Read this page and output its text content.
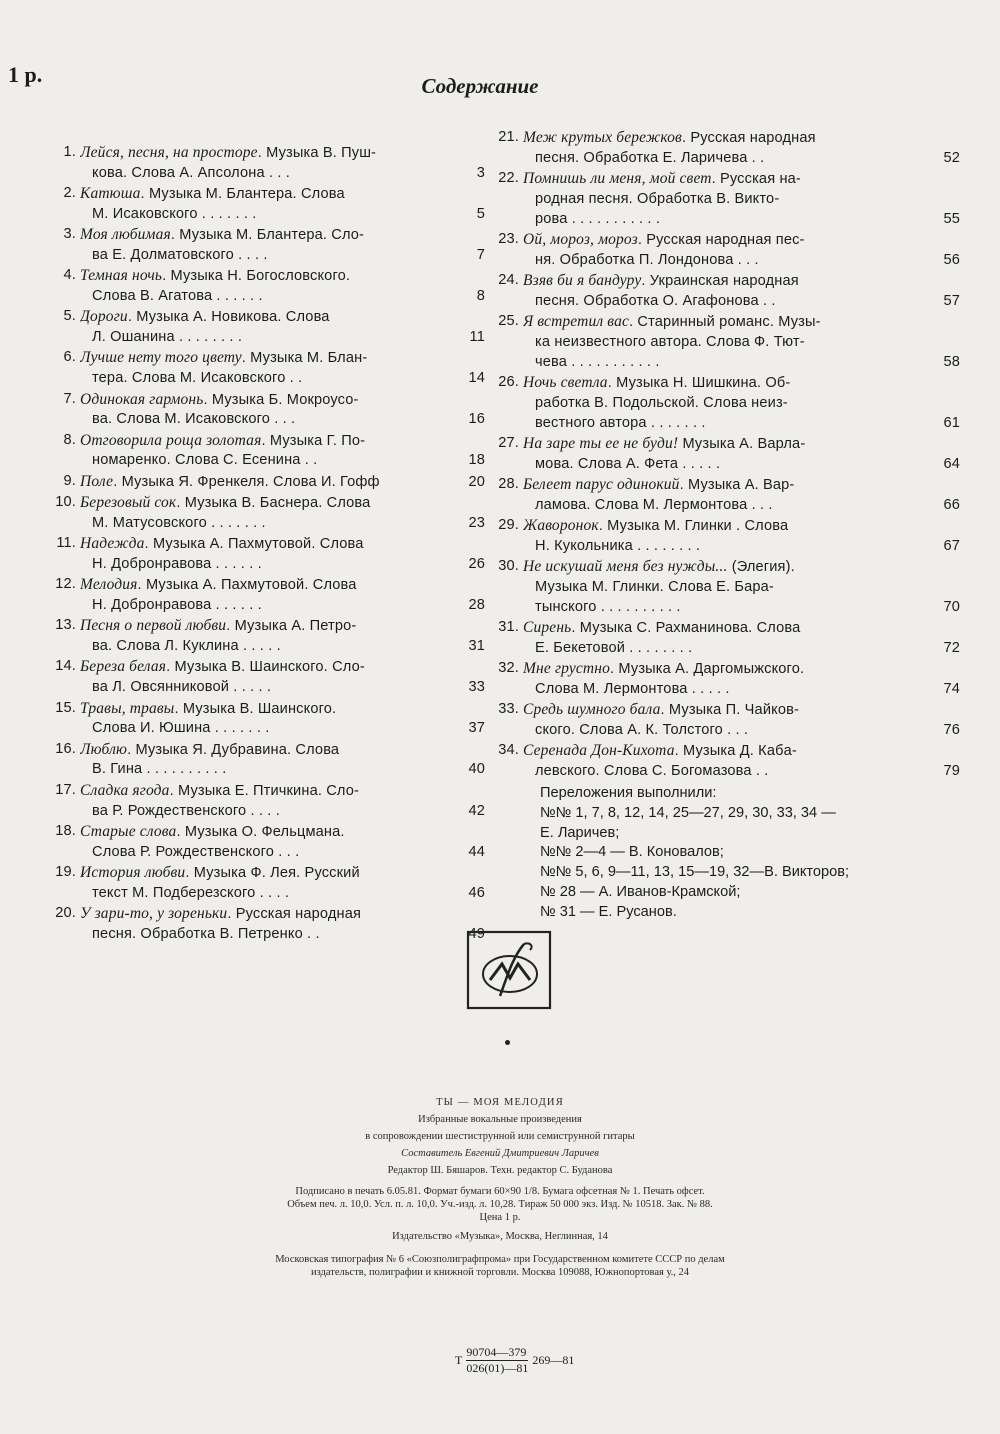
1 р.	Содержание
1. Лейся, песня, на просторе. Музыка В. Пуш-
кова. Слова А. Апсолона . . .	3
2. Катюша. Музыка М. Блантера. Слова
М. Исаковского . . . . . . .	5
3. Моя любимая. Музыка М. Блантера. Сло-
ва Е. Долматовского . . . .	7
4. Темная ночь. Музыка Н. Богословского.
Слова В. Агатова . . . . . .	8
5. Дороги. Музыка А. Новикова. Слова
Л. Ошанина . . . . . . . .	11
6. Лучше нету того цвету. Музыка М. Блан-
тера. Слова М. Исаковского . .	14
7. Одинокая гармонь. Музыка Б. Мокроусо-
ва. Слова М. Исаковского . . .	16
8. Отговорила роща золотая. Музыка Г. По-
номаренко. Слова С. Есенина . .	18
9. Поле. Музыка Я. Френкеля. Слова И. Гофф	20
10. Березовый сок. Музыка В. Баснера. Слова
М. Матусовского . . . . . . .	23
11. Надежда. Музыка А. Пахмутовой. Слова
Н. Добронравова . . . . . .	26
12. Мелодия. Музыка А. Пахмутовой. Слова
Н. Добронравова . . . . . .	28
13. Песня о первой любви. Музыка А. Петро-
ва. Слова Л. Куклина . . . . .	31
14. Береза белая. Музыка В. Шаинского. Сло-
ва Л. Овсянниковой . . . . .	33
15. Травы, травы. Музыка В. Шаинского.
Слова И. Юшина . . . . . . .	37
16. Люблю. Музыка Я. Дубравина. Слова
В. Гина . . . . . . . . . .	40
17. Сладка ягода. Музыка Е. Птичкина. Сло-
ва Р. Рождественского . . . .	42
18. Старые слова. Музыка О. Фельцмана.
Слова Р. Рождественского . . .	44
19. История любви. Музыка Ф. Лея. Русский
текст М. Подберезского . . . .	46
20. У зари-то, у зореньки. Русская народная
песня. Обработка В. Петренко . .	49
21. Меж крутых бережков. Русская народная
песня. Обработка Е. Ларичева . .	52
22. Помнишь ли меня, мой свет. Русская на-
родная песня. Обработка В. Викто-
рова . . . . . . . . . . .	55
23. Ой, мороз, мороз. Русская народная пес-
ня. Обработка П. Лондонова . . .	56
24. Взяв би я бандуру. Украинская народная
песня. Обработка О. Агафонова . .	57
25. Я встретил вас. Старинный романс. Музы-
ка неизвестного автора. Слова Ф. Тют-
чева . . . . . . . . . . .	58
26. Ночь светла. Музыка Н. Шишкина. Об-
работка В. Подольской. Слова неиз-
вестного автора . . . . . . .	61
27. На заре ты ее не буди! Музыка А. Варла-
мова. Слова А. Фета . . . . .	64
28. Белеет парус одинокий. Музыка А. Вар-
ламова. Слова М. Лермонтова . . .	66
29. Жаворонок. Музыка М. Глинки . Слова
Н. Кукольника . . . . . . . .	67
30. Не искушай меня без нужды... (Элегия).
Музыка М. Глинки. Слова Е. Бара-
тынского . . . . . . . . . .	70
31. Сирень. Музыка С. Рахманинова. Слова
Е. Бекетовой . . . . . . . .	72
32. Мне грустно. Музыка А. Даргомыжского.
Слова М. Лермонтова . . . . .	74
33. Средь шумного бала. Музыка П. Чайков-
ского. Слова А. К. Толстого . . .	76
34. Серенада Дон-Кихота. Музыка Д. Кабa-
левского. Слова С. Богомазова . .	79
Переложения выполнили:
№№ 1, 7, 8, 12, 14, 25—27, 29, 30, 33, 34 —
Е. Ларичев;
№№ 2—4 — В. Коновалов;
№№ 5, 6, 9—11, 13, 15—19, 32—В. Викторов;
№ 28 — А. Иванов-Крамской;
№ 31 — Е. Русанов.
ТЫ — МОЯ МЕЛОДИЯ
Избранные вокальные произведения
в сопровождении шестиструнной или семиструнной гитары
Составитель Евгений Дмитриевич Ларичев
Редактор Ш. Бяшаров. Техн. редактор С. Буданова
Подписано в печать 6.05.81. Формат бумаги 60×90 1/8. Бумага офсетная № 1. Печать офсет.
Объем печ. л. 10,0. Усл. п. л. 10,0. Уч.-изд. л. 10,28. Тираж 50 000 экз. Изд. № 10518. Зак. № 88.
Цена 1 р.
Издательство «Музыка», Москва, Неглинная, 14
Московская типография № 6 «Союзполиграфпрома» при Государственном комитете СССР по делам
издательств, полиграфии и книжной торговли. Москва 109088, Южнопортовая у., 24
Т $\frac{90704—379}{026(01)—81}$ 269—81
